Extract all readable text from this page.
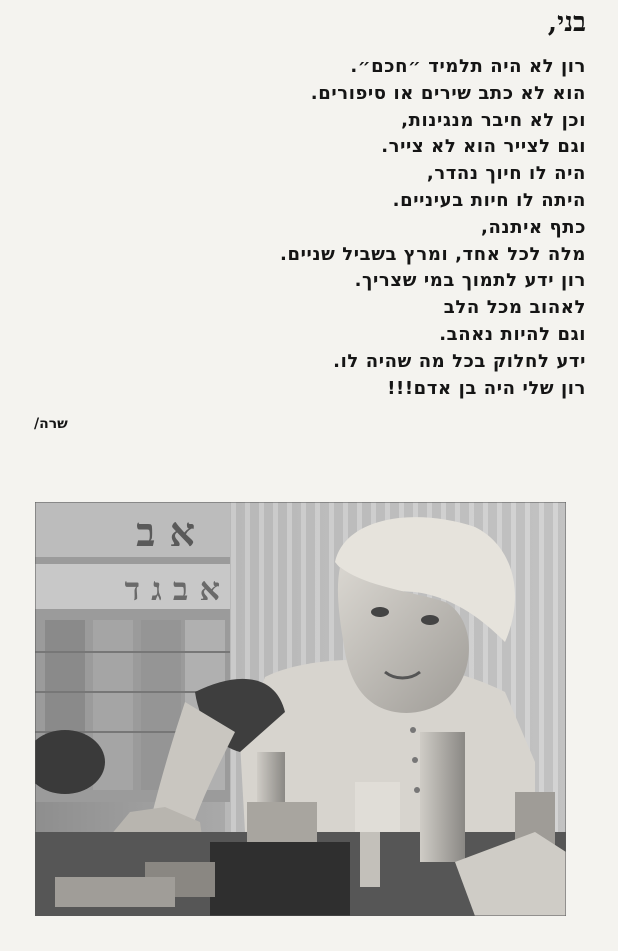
בני,
רון לא היה תלמיד ״חכם״.
הוא לא כתב שירים או סיפורים.
וכן לא חיבר מנגינות,
וגם לצייר הוא לא צייר.
היה לו חיוך נהדר,
היתה לו חיות בעיניים.
כתף איתנה,
מלה לכל אחד, ומרץ בשביל שניים.
רון ידע לתמוך במי שצריך.
לאהוב מכל הלב
וגם להיות נאהב.
ידע לחלוק בכל מה שהיה לו.
רון שלי היה בן אדם!!!
שרה/
א ב
א ב ג ד
